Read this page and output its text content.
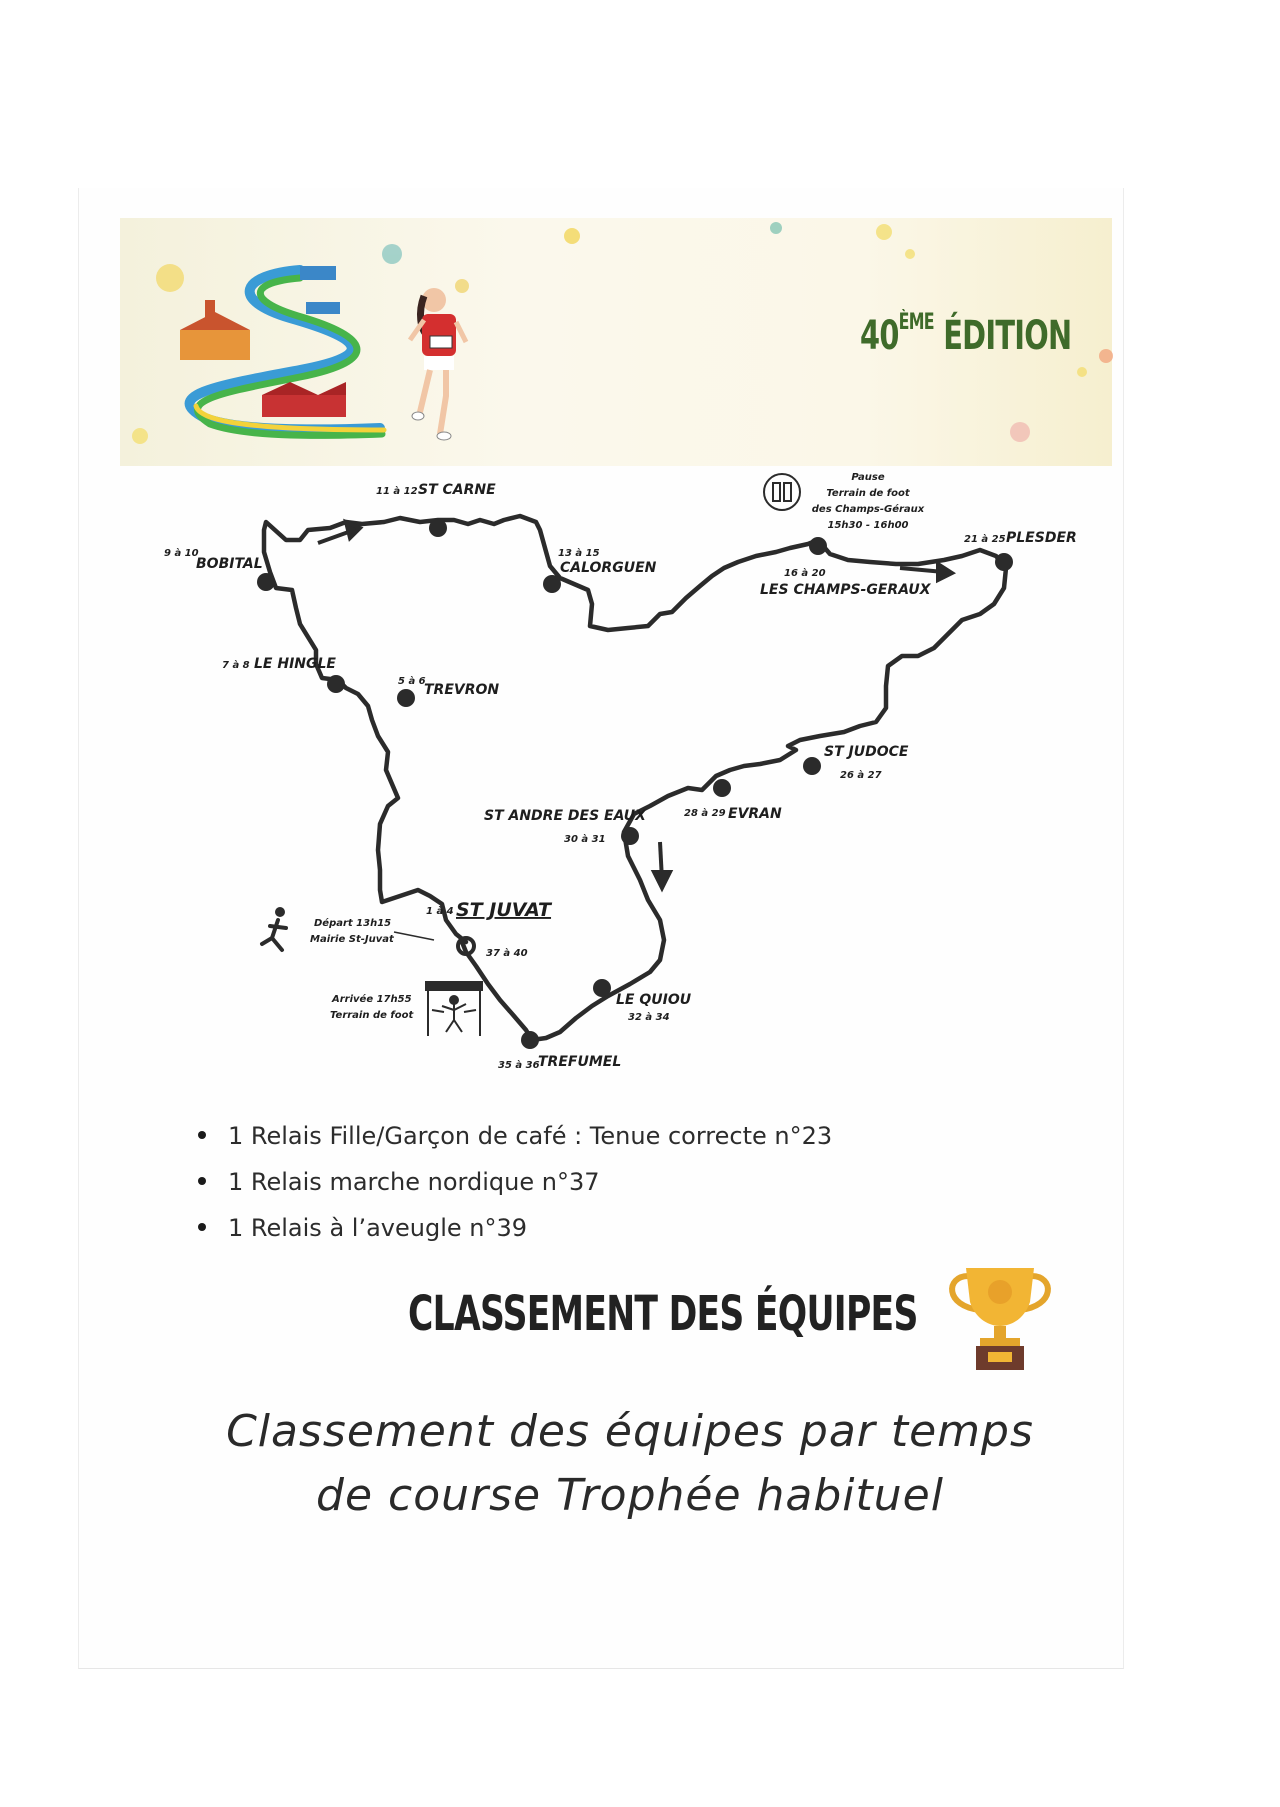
40ÈME ÉDITION
11 à 12 ST CARNE
9 à 10
BOBITAL
13 à 15
CALORGUEN	16 à 20
LES CHAMPS-GERAUX
21 à 25 PLESDER
7 à 8 LE HINGLE
5 à 6
TREVRON
ST JUDOCE
26 à 27
28 à 29 EVRAN
ST ANDRE DES EAUX
30 à 31
1 à 4 ST JUVAT
37 à 40
LE QUIOU
32 à 34
35 à 36
TREFUMEL
Pause
Terrain de foot
des Champs-Géraux
15h30 - 16h00
Départ 13h15
Mairie St-Juvat
Arrivée 17h55
Terrain de foot
1 Relais Fille/Garçon de café : Tenue correcte n°23
1 Relais marche nordique n°37
1 Relais à l’aveugle n°39
CLASSEMENT DES ÉQUIPES
Classement des équipes par temps
de course Trophée habituel
